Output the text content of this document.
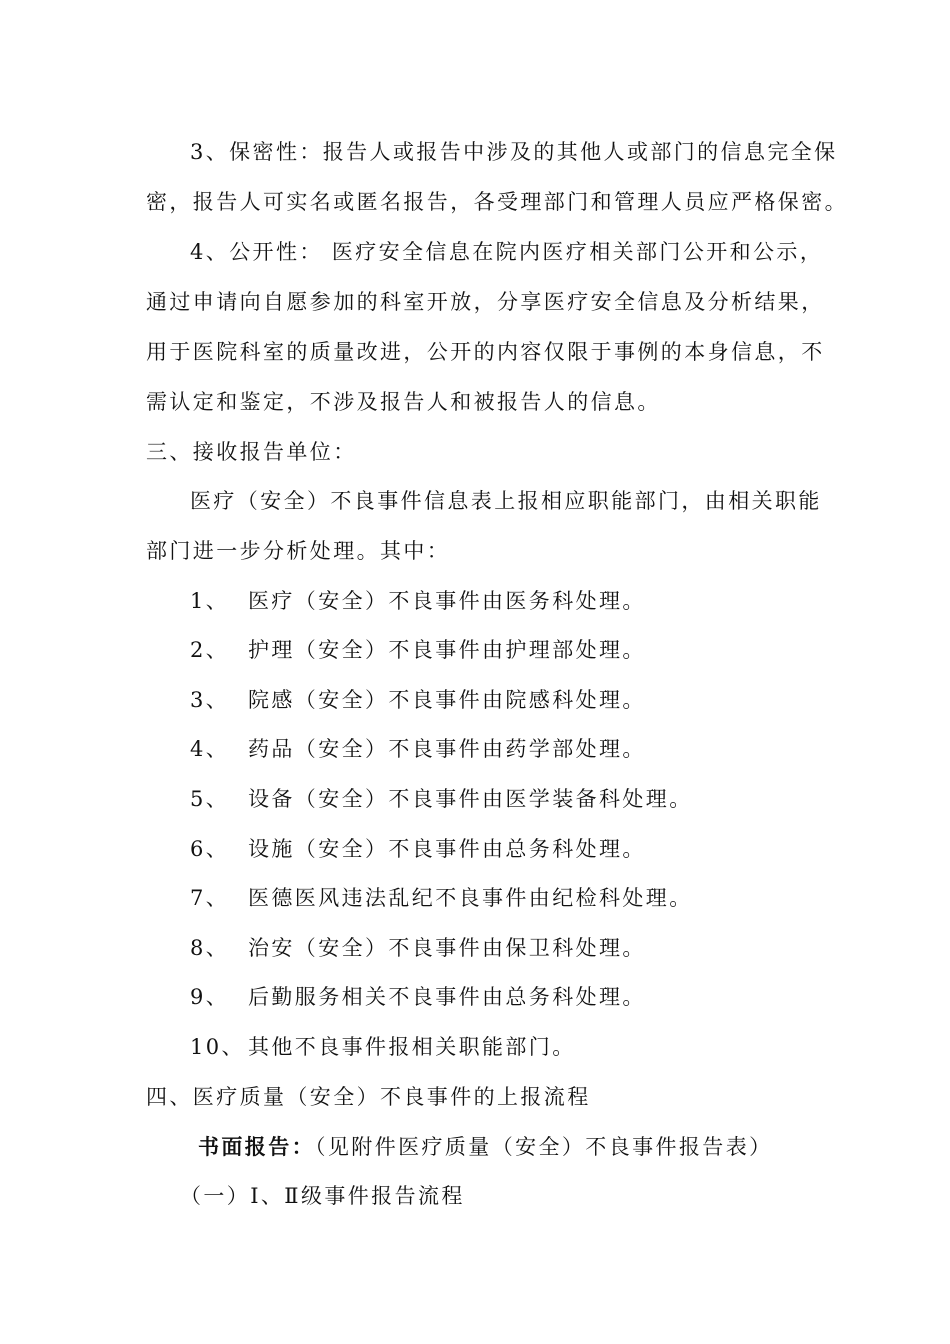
3、保密性：报告人或报告中涉及的其他人或部门的信息完全保
密，报告人可实名或匿名报告，各受理部门和管理人员应严格保密。
4、公开性： 医疗安全信息在院内医疗相关部门公开和公示，
通过申请向自愿参加的科室开放，分享医疗安全信息及分析结果，
用于医院科室的质量改进，公开的内容仅限于事例的本身信息，不
需认定和鉴定，不涉及报告人和被报告人的信息。
三、接收报告单位：
医疗（安全）不良事件信息表上报相应职能部门，由相关职能
部门进一步分析处理。其中：
1、 医疗（安全）不良事件由医务科处理。
2、 护理（安全）不良事件由护理部处理。
3、 院感（安全）不良事件由院感科处理。
4、 药品（安全）不良事件由药学部处理。
5、 设备（安全）不良事件由医学装备科处理。
6、 设施（安全）不良事件由总务科处理。
7、 医德医风违法乱纪不良事件由纪检科处理。
8、 治安（安全）不良事件由保卫科处理。
9、 后勤服务相关不良事件由总务科处理。
10、 其他不良事件报相关职能部门。
四、医疗质量（安全）不良事件的上报流程
书面报告：（见附件医疗质量（安全）不良事件报告表）
（一）Ⅰ、Ⅱ级事件报告流程
